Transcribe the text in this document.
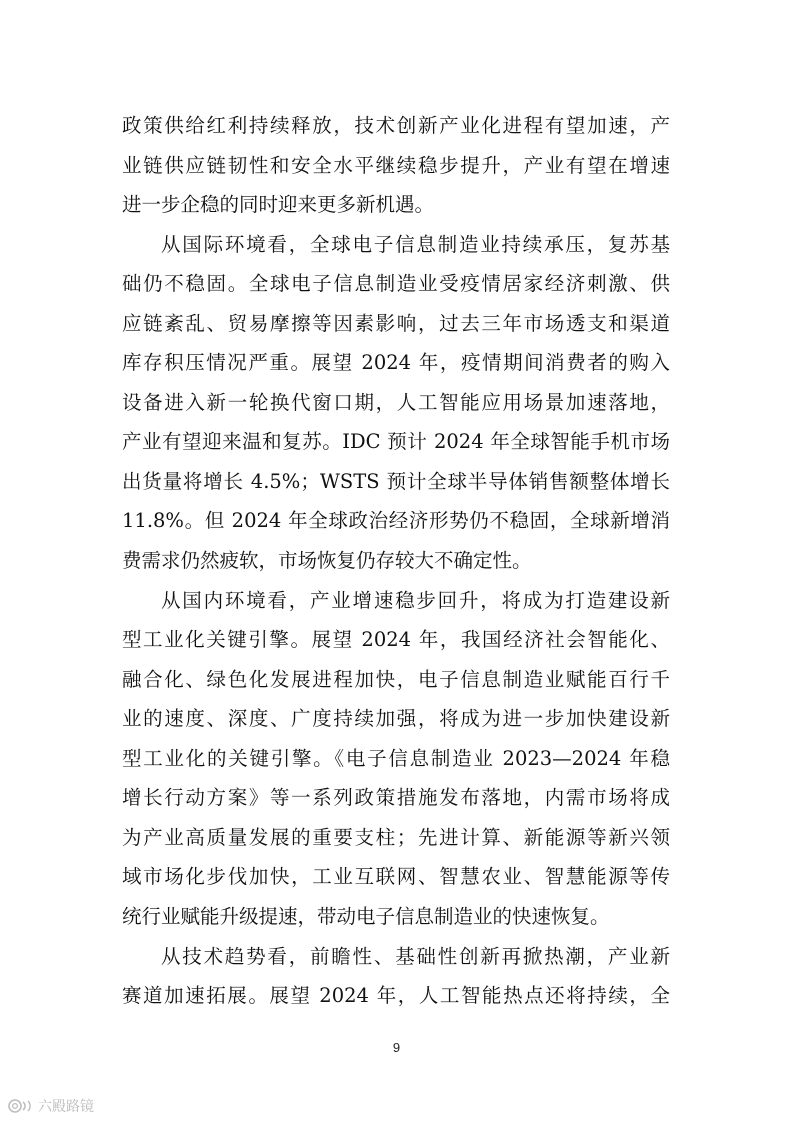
政策供给红利持续释放，技术创新产业化进程有望加速，产
业链供应链韧性和安全水平继续稳步提升，产业有望在增速
进一步企稳的同时迎来更多新机遇。
从国际环境看，全球电子信息制造业持续承压，复苏基
础仍不稳固。全球电子信息制造业受疫情居家经济刺激、供
应链紊乱、贸易摩擦等因素影响，过去三年市场透支和渠道
库存积压情况严重。展望 2024 年，疫情期间消费者的购入
设备进入新一轮换代窗口期，人工智能应用场景加速落地，
产业有望迎来温和复苏。IDC 预计 2024 年全球智能手机市场
出货量将增长 4.5%；WSTS 预计全球半导体销售额整体增长
11.8%。但 2024 年全球政治经济形势仍不稳固，全球新增消
费需求仍然疲软，市场恢复仍存较大不确定性。
从国内环境看，产业增速稳步回升，将成为打造建设新
型工业化关键引擎。展望 2024 年，我国经济社会智能化、
融合化、绿色化发展进程加快，电子信息制造业赋能百行千
业的速度、深度、广度持续加强，将成为进一步加快建设新
型工业化的关键引擎。《电子信息制造业 2023—2024 年稳
增长行动方案》等一系列政策措施发布落地，内需市场将成
为产业高质量发展的重要支柱；先进计算、新能源等新兴领
域市场化步伐加快，工业互联网、智慧农业、智慧能源等传
统行业赋能升级提速，带动电子信息制造业的快速恢复。
从技术趋势看，前瞻性、基础性创新再掀热潮，产业新
赛道加速拓展。展望 2024 年，人工智能热点还将持续，全
9
六殿路镜
